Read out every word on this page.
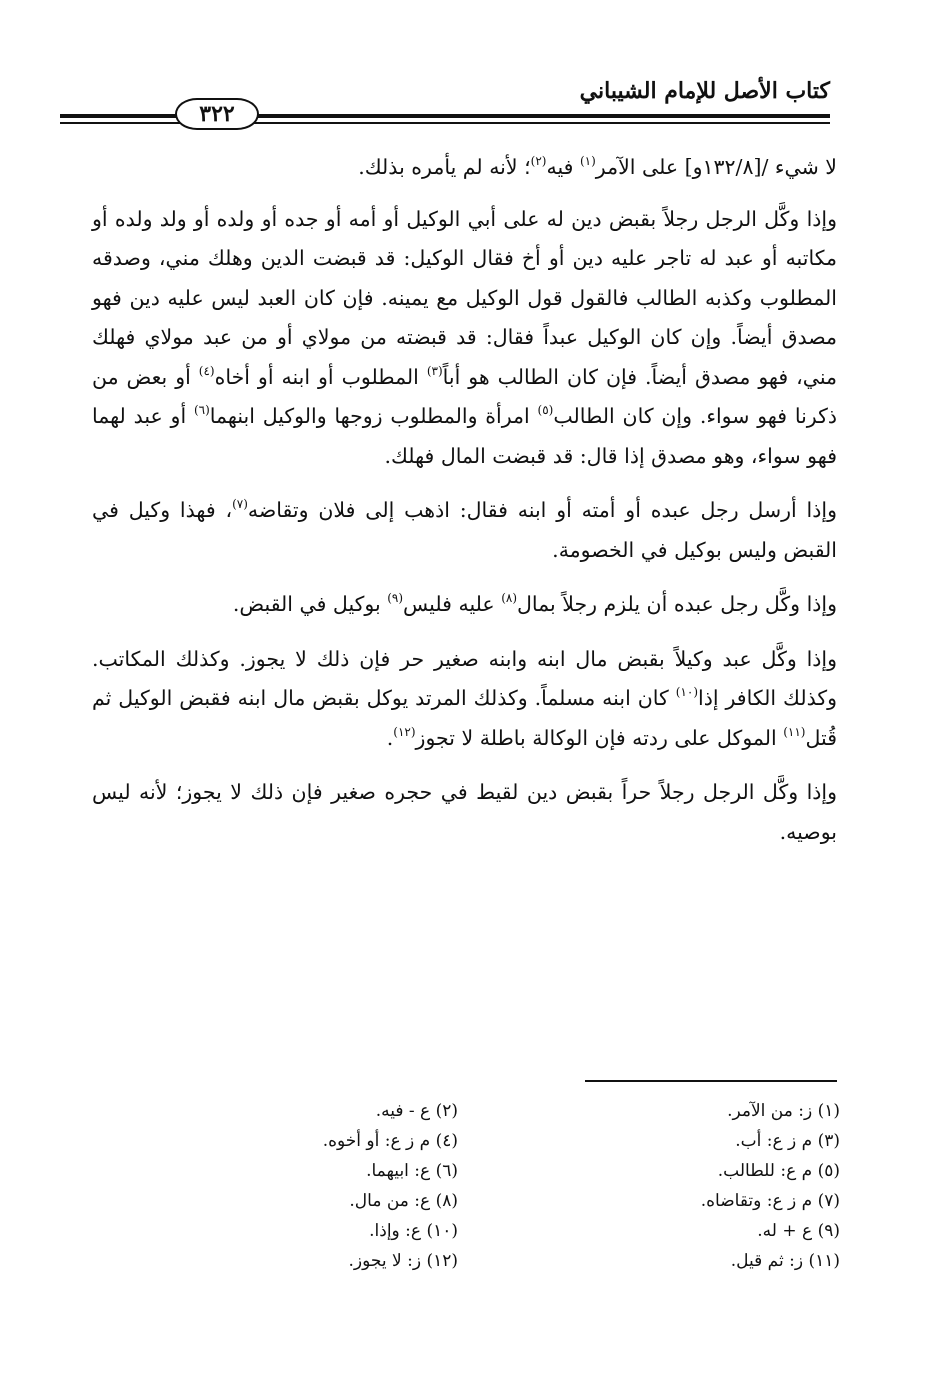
كتاب الأصل للإمام الشيباني
٣٢٢

لا شيء /[١٣٢/٨و] على الآمر$^{(١)}$ فيه$^{(٢)}$؛ لأنه لم يأمره بذلك.

وإذا وكَّل الرجل رجلاً بقبض دين له على أبي الوكيل أو أمه أو جده أو ولده أو ولد ولده أو مكاتبه أو عبد له تاجر عليه دين أو أخ فقال الوكيل: قد قبضت الدين وهلك مني، وصدقه المطلوب وكذبه الطالب فالقول قول الوكيل مع يمينه. فإن كان العبد ليس عليه دين فهو مصدق أيضاً. وإن كان الوكيل عبداً فقال: قد قبضته من مولاي أو من عبد مولاي فهلك مني، فهو مصدق أيضاً. فإن كان الطالب هو أباً$^{(٣)}$ المطلوب أو ابنه أو أخاه$^{(٤)}$ أو بعض من ذكرنا فهو سواء. وإن كان الطالب$^{(٥)}$ امرأة والمطلوب زوجها والوكيل ابنهما$^{(٦)}$ أو عبد لهما فهو سواء، وهو مصدق إذا قال: قد قبضت المال فهلك.

وإذا أرسل رجل عبده أو أمته أو ابنه فقال: اذهب إلى فلان وتقاضه$^{(٧)}$، فهذا وكيل في القبض وليس بوكيل في الخصومة.

وإذا وكَّل رجل عبده أن يلزم رجلاً بمال$^{(٨)}$ عليه فليس$^{(٩)}$ بوكيل في القبض.

وإذا وكَّل عبد وكيلاً بقبض مال ابنه وابنه صغير حر فإن ذلك لا يجوز. وكذلك المكاتب. وكذلك الكافر إذا$^{(١٠)}$ كان ابنه مسلماً. وكذلك المرتد يوكل بقبض مال ابنه فقبض الوكيل ثم قُتل$^{(١١)}$ الموكل على ردته فإن الوكالة باطلة لا تجوز$^{(١٢)}$.

وإذا وكَّل الرجل رجلاً حراً بقبض دين لقيط في حجره صغير فإن ذلك لا يجوز؛ لأنه ليس بوصيه.

(١) ز: من الآمر.
(٣) م ز ع: أب.
(٥) م ع: للطالب.
(٧) م ز ع: وتقاضاه.
(٩) ع + له.
(١١) ز: ثم قيل.
(٢) ع - فيه.
(٤) م ز ع: أو أخوه.
(٦) ع: ابيهما.
(٨) ع: من مال.
(١٠) ع: وإذا.
(١٢) ز: لا يجوز.
